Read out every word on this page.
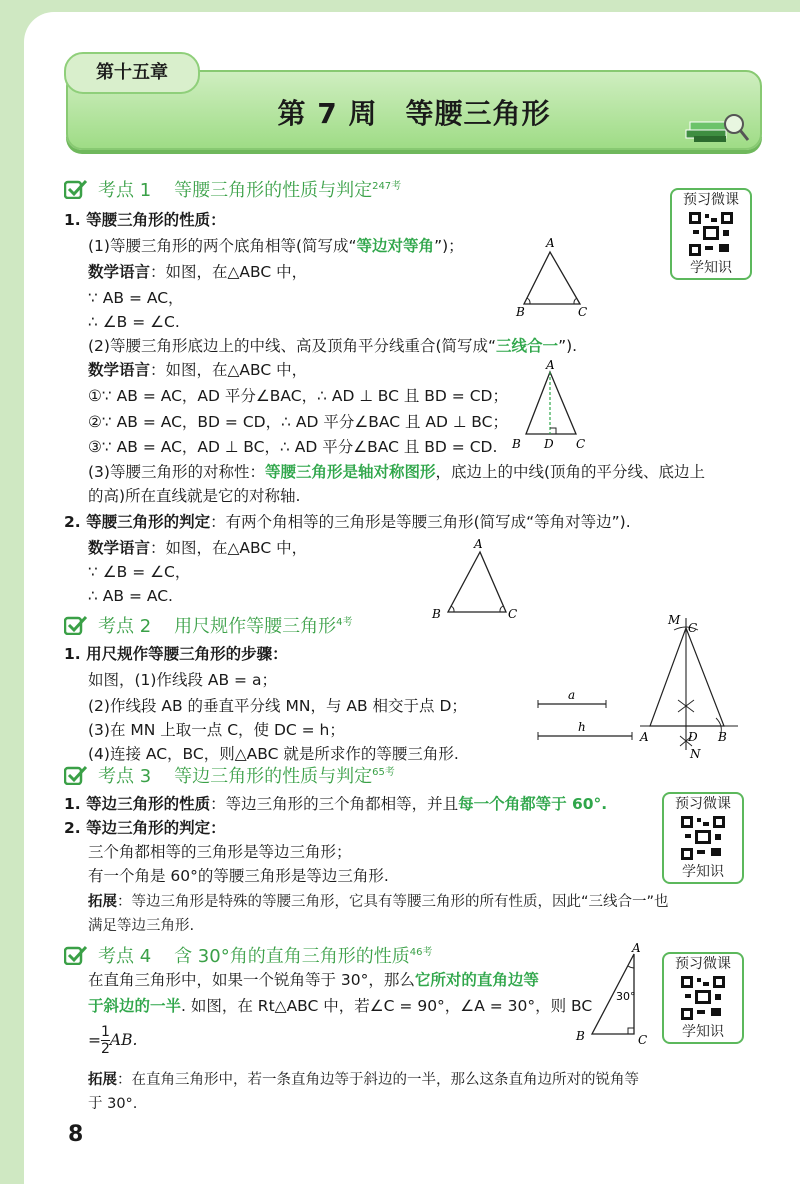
第十五章
第 7 周 等腰三角形
考点 1 等腰三角形的性质与判定$^{247考}$
预习微课
学知识
1. 等腰三角形的性质：
(1)等腰三角形的两个底角相等(简写成“等边对等角”)；
数学语言：如图，在△ABC 中，
∵ AB = AC，
∴ ∠B = ∠C.
(2)等腰三角形底边上的中线、高及顶角平分线重合(简写成“三线合一”).
数学语言：如图，在△ABC 中，
①∵ AB = AC，AD 平分∠BAC，∴ AD ⊥ BC 且 BD = CD；
②∵ AB = AC，BD = CD，∴ AD 平分∠BAC 且 AD ⊥ BC；
③∵ AB = AC，AD ⊥ BC，∴ AD 平分∠BAC 且 BD = CD.
(3)等腰三角形的对称性：等腰三角形是轴对称图形，底边上的中线(顶角的平分线、底边上
的高)所在直线就是它的对称轴.
2. 等腰三角形的判定：有两个角相等的三角形是等腰三角形(简写成“等角对等边”).
数学语言：如图，在△ABC 中，
∵ ∠B = ∠C，
∴ AB = AC.
A
B	C
A
B D C
A
B	C
考点 2 用尺规作等腰三角形$^{4考}$
1. 用尺规作等腰三角形的步骤：
如图，(1)作线段 AB = a；
(2)作线段 AB 的垂直平分线 MN，与 AB 相交于点 D；
(3)在 MN 上取一点 C，使 DC = h；
(4)连接 AC，BC，则△ABC 就是所求作的等腰三角形.
a
h
M
C
A	D B
N
考点 3 等边三角形的性质与判定$^{65考}$
1. 等边三角形的性质：等边三角形的三个角都相等，并且每一个角都等于 60°.
2. 等边三角形的判定：
三个角都相等的三角形是等边三角形；
有一个角是 60°的等腰三角形是等边三角形.
拓展：等边三角形是特殊的等腰三角形，它具有等腰三角形的所有性质，因此“三线合一”也
满足等边三角形.
预习微课
学知识
考点 4 含 30°角的直角三角形的性质$^{46考}$
在直角三角形中，如果一个锐角等于 30°，那么它所对的直角边等
于斜边的一半. 如图，在 Rt△ABC 中，若∠C = 90°，∠A = 30°，则 BC
= $\frac{1}{2}$ AB.
拓展：在直角三角形中，若一条直角边等于斜边的一半，那么这条直角边所对的锐角等
于 30°.
30°
A
B	C
预习微课
学知识
8
